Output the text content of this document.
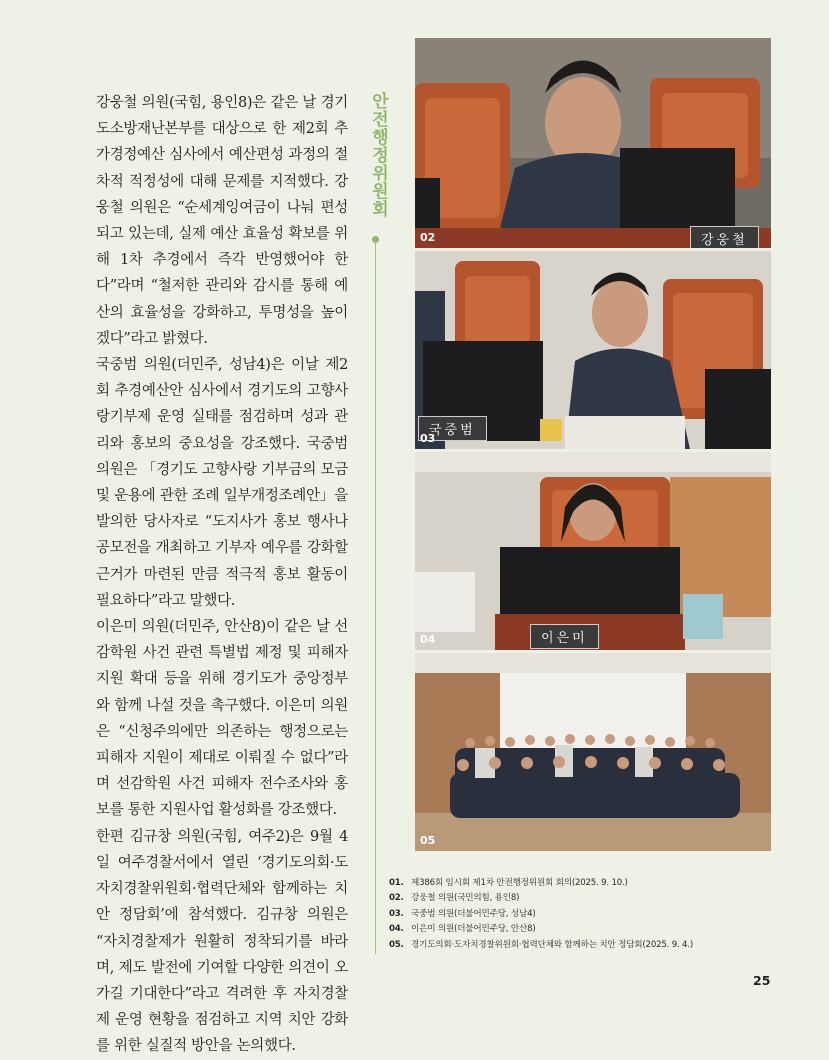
강웅철 의원(국힘, 용인8)은 같은 날 경기도소방재난본부를 대상으로 한 제2회 추가경정예산 심사에서 예산편성 과정의 절차적 적정성에 대해 문제를 지적했다. 강웅철 의원은 “순세계잉여금이 나눠 편성되고 있는데, 실제 예산 효율성 확보를 위해 1차 추경에서 즉각 반영했어야 한다”라며 “철저한 관리와 감시를 통해 예산의 효율성을 강화하고, 투명성을 높이겠다”라고 밝혔다.

국중범 의원(더민주, 성남4)은 이날 제2회 추경예산안 심사에서 경기도의 고향사랑기부제 운영 실태를 점검하며 성과 관리와 홍보의 중요성을 강조했다. 국중범 의원은 「경기도 고향사랑 기부금의 모금 및 운용에 관한 조례 일부개정조례안」을 발의한 당사자로 “도지사가 홍보 행사나 공모전을 개최하고 기부자 예우를 강화할 근거가 마련된 만큼 적극적 홍보 활동이 필요하다”라고 말했다.

이은미 의원(더민주, 안산8)이 같은 날 선감학원 사건 관련 특별법 제정 및 피해자 지원 확대 등을 위해 경기도가 중앙정부와 함께 나설 것을 촉구했다. 이은미 의원은 “신청주의에만 의존하는 행정으로는 피해자 지원이 제대로 이뤄질 수 없다”라며 선감학원 사건 피해자 전수조사와 홍보를 통한 지원사업 활성화를 강조했다.

한편 김규창 의원(국힘, 여주2)은 9월 4일 여주경찰서에서 열린 ‘경기도의회·도자치경찰위원회·협력단체와 함께하는 치안 정담회’에 참석했다. 김규창 의원은 “자치경찰제가 원활히 정착되기를 바라며, 제도 발전에 기여할 다양한 의견이 오가길 기대한다”라고 격려한 후 자치경찰제 운영 현황을 점검하고 지역 치안 강화를 위한 실질적 방안을 논의했다.

안전행정위원회
강웅철
02
국중범
03
이은미
04
05
01. 제386회 임시회 제1차 안전행정위원회 회의(2025. 9. 10.)
02. 강웅철 의원(국민의힘, 용인8)
03. 국중범 의원(더불어민주당, 성남4)
04. 이은미 의원(더불어민주당, 안산8)
05. 경기도의회·도자치경찰위원회·협력단체와 함께하는 치안 정담회(2025. 9. 4.)
25
